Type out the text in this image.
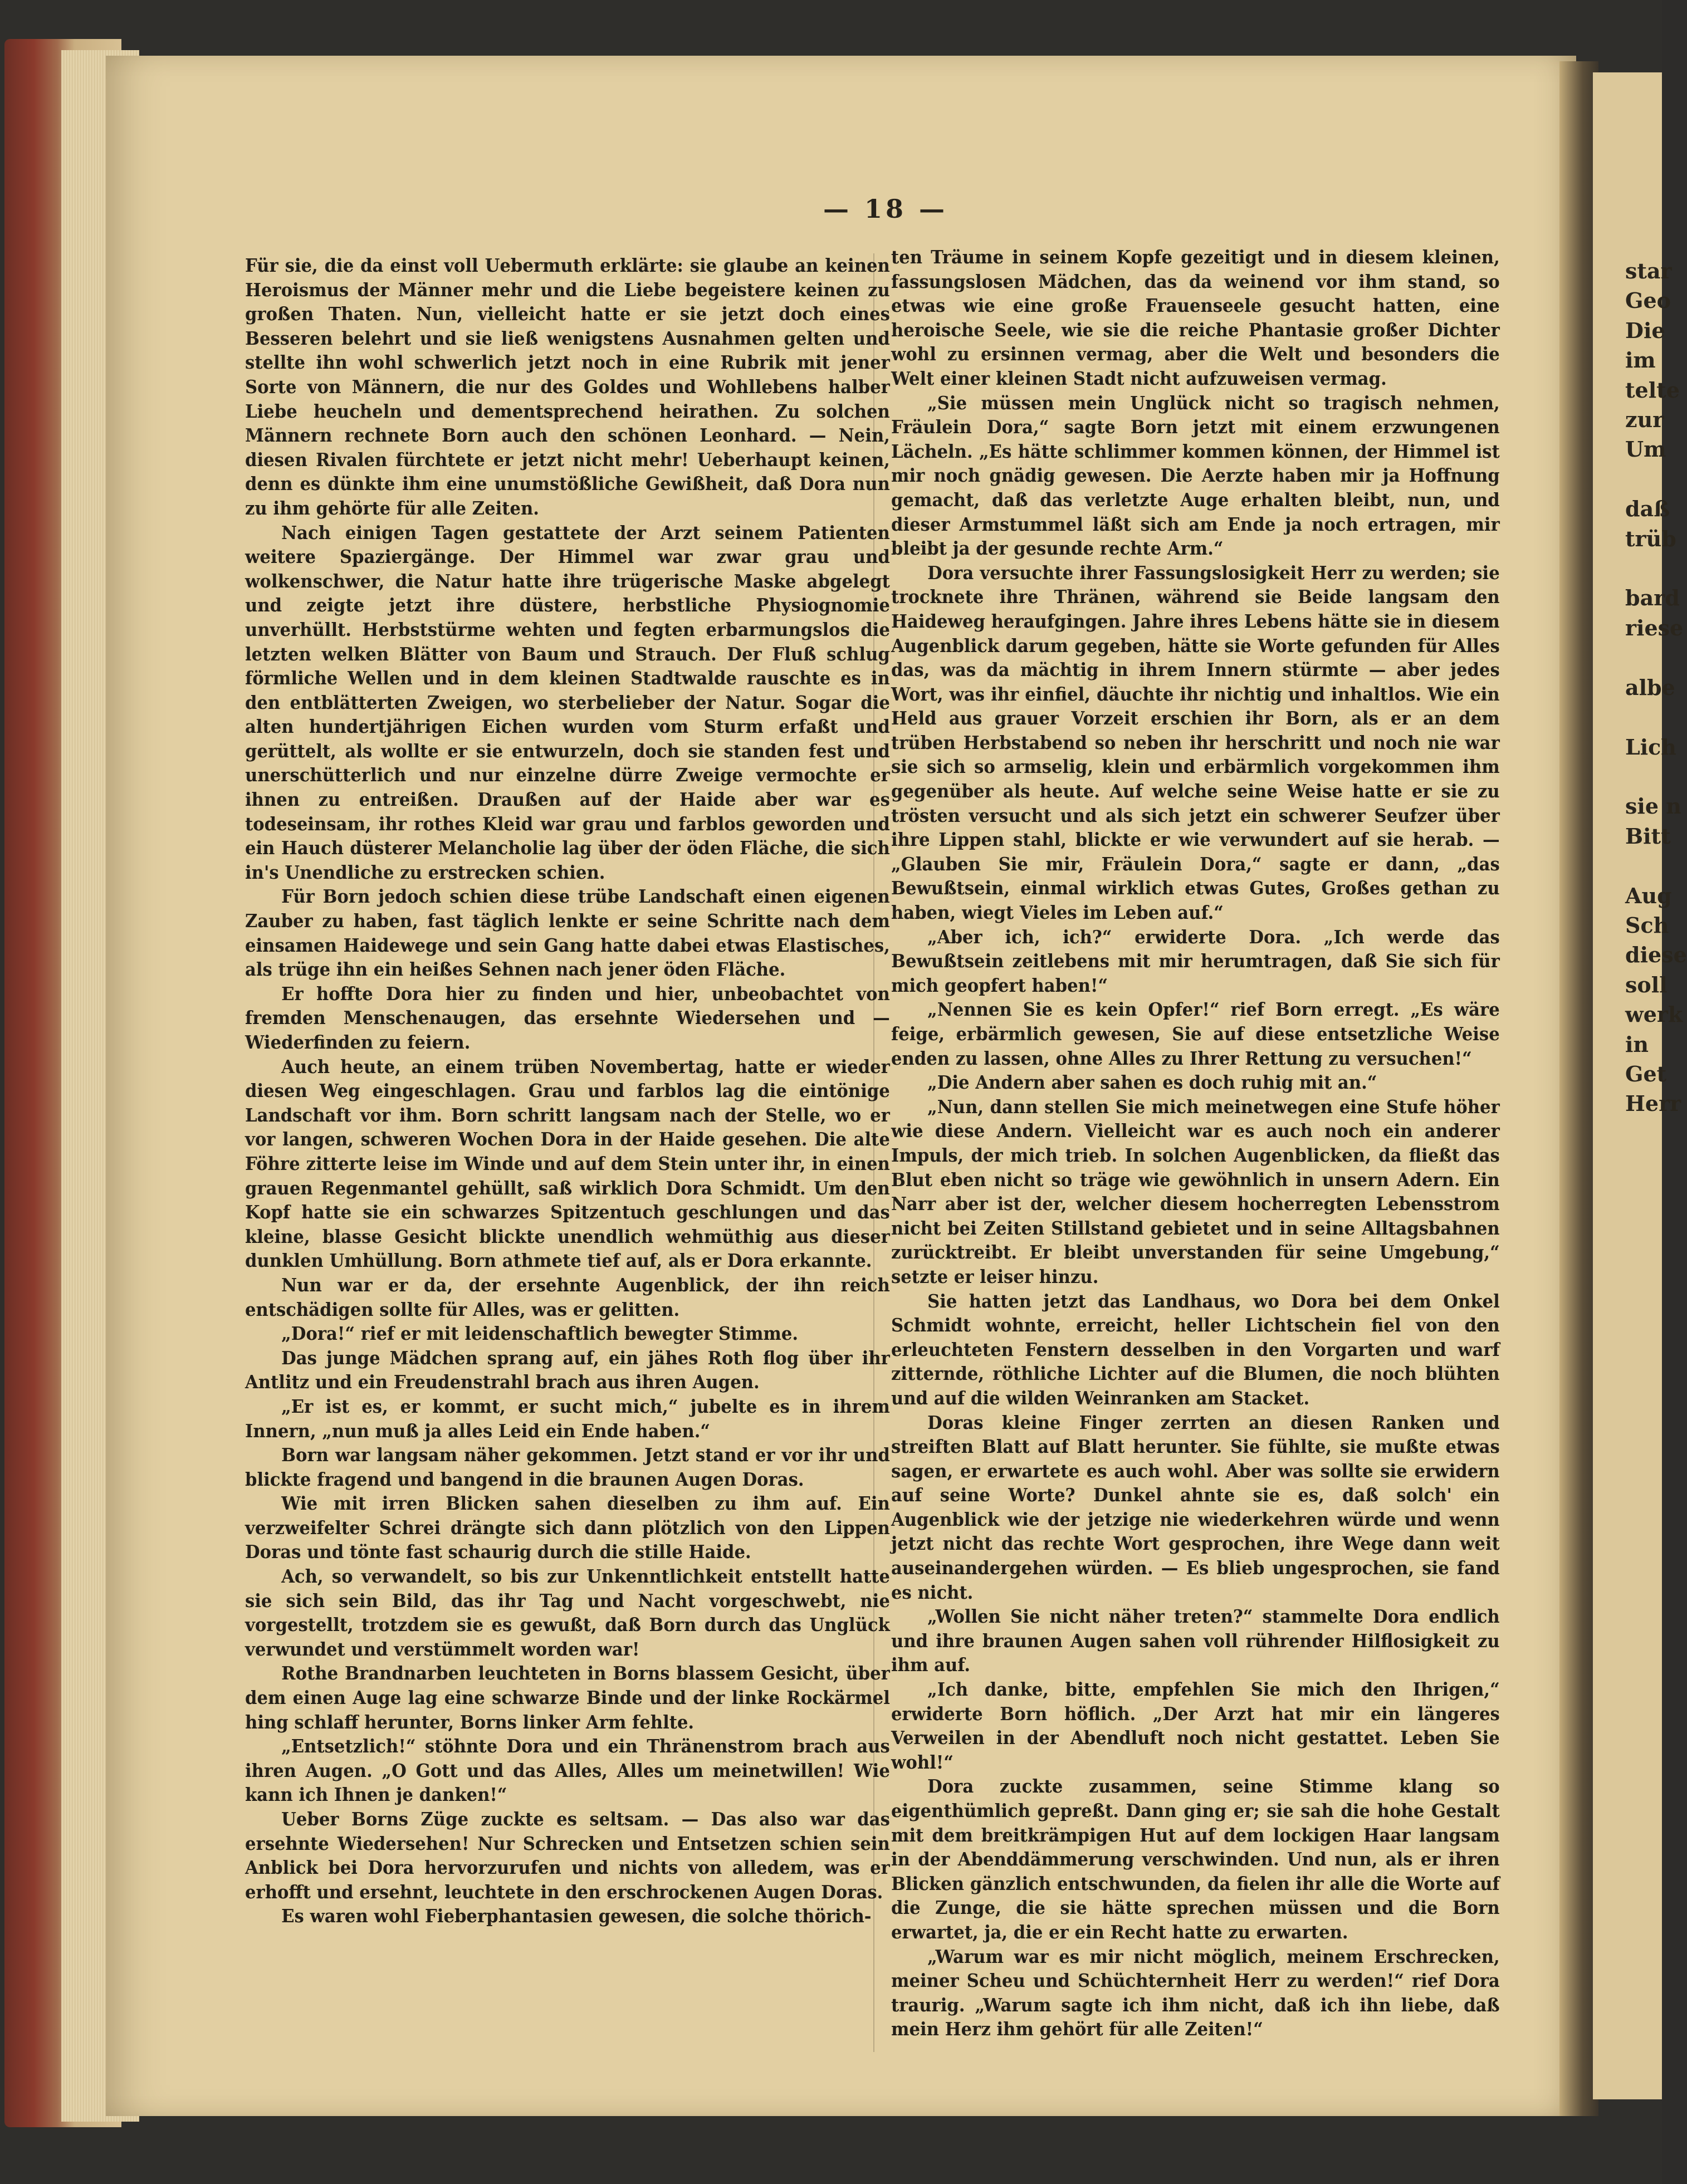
star
Geo
Die
im
telte
zur
Um

daß
trüb

bard
riese

albe

Lich

sie n
Bitt

Aug
Sch
diese
soll
werk
in
Get
Herr
— 18 —

Für sie, die da einst voll Uebermuth erklärte: sie glaube an keinen Heroismus der Männer mehr und die Liebe begeisterе keinen zu großen Thaten. Nun, vielleicht hatte er sie jetzt doch eines Besseren belehrt und sie ließ wenigstens Ausnahmen gelten und stellte ihn wohl schwerlich jetzt noch in eine Rubrik mit jener Sorte von Männern, die nur des Goldes und Wohllebens halber Liebe heucheln und dementsprechend heirathen. Zu solchen Männern rechnete Born auch den schönen Leonhard. — Nein, diesen Rivalen fürchtete er jetzt nicht mehr! Ueberhaupt keinen, denn es dünkte ihm eine unumstößliche Gewißheit, daß Dora nun zu ihm gehörte für alle Zeiten.

Nach einigen Tagen gestattete der Arzt seinem Patienten weitere Spaziergänge. Der Himmel war zwar grau und wolkenschwer, die Natur hatte ihre trügerische Maske abgelegt und zeigte jetzt ihre düstere, herbstliche Physiognomie unverhüllt. Herbststürme wehten und fegten erbarmungslos die letzten welken Blätter von Baum und Strauch. Der Fluß schlug förmliche Wellen und in dem kleinen Stadtwalde rauschte es in den entblätterten Zweigen, wo sterbelieber der Natur. Sogar die alten hundertjährigen Eichen wurden vom Sturm erfaßt und gerüttelt, als wollte er sie entwurzeln, doch sie standen fest und unerschütterlich und nur einzelne dürre Zweige vermochte er ihnen zu entreißen. Draußen auf der Haide aber war es todeseinsam, ihr rothes Kleid war grau und farblos geworden und ein Hauch düsterer Melancholie lag über der öden Fläche, die sich in's Unendliche zu erstrecken schien.

Für Born jedoch schien diese trübe Landschaft einen eigenen Zauber zu haben, fast täglich lenkte er seine Schritte nach dem einsamen Haidewege und sein Gang hatte dabei etwas Elastisches, als trüge ihn ein heißes Sehnen nach jener öden Fläche.

Er hoffte Dora hier zu finden und hier, unbeobachtet von fremden Menschenaugen, das ersehnte Wiedersehen und — Wiederfinden zu feiern.

Auch heute, an einem trüben Novembertag, hatte er wieder diesen Weg eingeschlagen. Grau und farblos lag die eintönige Landschaft vor ihm. Born schritt langsam nach der Stelle, wo er vor langen, schweren Wochen Dora in der Haide gesehen. Die alte Föhre zitterte leise im Winde und auf dem Stein unter ihr, in einen grauen Regenmantel gehüllt, saß wirklich Dora Schmidt. Um den Kopf hatte sie ein schwarzes Spitzentuch geschlungen und das kleine, blasse Gesicht blickte unendlich wehmüthig aus dieser dunklen Umhüllung. Born athmete tief auf, als er Dora erkannte.

Nun war er da, der ersehnte Augenblick, der ihn reich entschädigen sollte für Alles, was er gelitten.

„Dora!“ rief er mit leidenschaftlich bewegter Stimme.

Das junge Mädchen sprang auf, ein jähes Roth flog über ihr Antlitz und ein Freudenstrahl brach aus ihren Augen.

„Er ist es, er kommt, er sucht mich,“ jubelte es in ihrem Innern, „nun muß ja alles Leid ein Ende haben.“

Born war langsam näher gekommen. Jetzt stand er vor ihr und blickte fragend und bangend in die braunen Augen Doras.

Wie mit irren Blicken sahen dieselben zu ihm auf. Ein verzweifelter Schrei drängte sich dann plötzlich von den Lippen Doras und tönte fast schaurig durch die stille Haide.

Ach, so verwandelt, so bis zur Unkenntlichkeit entstellt hatte sie sich sein Bild, das ihr Tag und Nacht vorgeschwebt, nie vorgestellt, trotzdem sie es gewußt, daß Born durch das Unglück verwundet und verstümmelt worden war!

Rothe Brandnarben leuchteten in Borns blassem Gesicht, über dem einen Auge lag eine schwarze Binde und der linke Rockärmel hing schlaff herunter, Borns linker Arm fehlte.

„Entsetzlich!“ stöhnte Dora und ein Thränenstrom brach aus ihren Augen. „O Gott und das Alles, Alles um meinetwillen! Wie kann ich Ihnen je danken!“

Ueber Borns Züge zuckte es seltsam. — Das also war das ersehnte Wiedersehen! Nur Schrecken und Entsetzen schien sein Anblick bei Dora hervorzurufen und nichts von alledem, was er erhofft und ersehnt, leuchtete in den erschrockenen Augen Doras.

Es waren wohl Fieberphantasien gewesen, die solche thörich-

ten Träume in seinem Kopfe gezeitigt und in diesem kleinen, fassungslosen Mädchen, das da weinend vor ihm stand, so etwas wie eine große Frauenseele gesucht hatten, eine heroische Seele, wie sie die reiche Phantasie großer Dichter wohl zu ersinnen vermag, aber die Welt und besonders die Welt einer kleinen Stadt nicht aufzuweisen vermag.

„Sie müssen mein Unglück nicht so tragisch nehmen, Fräulein Dora,“ sagte Born jetzt mit einem erzwungenen Lächeln. „Es hätte schlimmer kommen können, der Himmel ist mir noch gnädig gewesen. Die Aerzte haben mir ja Hoffnung gemacht, daß das verletzte Auge erhalten bleibt, nun, und dieser Armstummel läßt sich am Ende ja noch ertragen, mir bleibt ja der gesunde rechte Arm.“

Dora versuchte ihrer Fassungslosigkeit Herr zu werden; sie trocknete ihre Thränen, während sie Beide langsam den Haideweg heraufgingen. Jahre ihres Lebens hätte sie in diesem Augenblick darum gegeben, hätte sie Worte gefunden für Alles das, was da mächtig in ihrem Innern stürmte — aber jedes Wort, was ihr einfiel, däuchte ihr nichtig und inhaltlos. Wie ein Held aus grauer Vorzeit erschien ihr Born, als er an dem trüben Herbstabend so neben ihr herschritt und noch nie war sie sich so armselig, klein und erbärmlich vorgekommen ihm gegenüber als heute. Auf welche seine Weise hatte er sie zu trösten versucht und als sich jetzt ein schwerer Seufzer über ihre Lippen stahl, blickte er wie verwundert auf sie herab. — „Glauben Sie mir, Fräulein Dora,“ sagte er dann, „das Bewußtsein, einmal wirklich etwas Gutes, Großes gethan zu haben, wiegt Vieles im Leben auf.“

„Aber ich, ich?“ erwiderte Dora. „Ich werde das Bewußtsein zeitlebens mit mir herumtragen, daß Sie sich für mich geopfert haben!“

„Nennen Sie es kein Opfer!“ rief Born erregt. „Es wäre feige, erbärmlich gewesen, Sie auf diese entsetzliche Weise enden zu lassen, ohne Alles zu Ihrer Rettung zu versuchen!“

„Die Andern aber sahen es doch ruhig mit an.“

„Nun, dann stellen Sie mich meinetwegen eine Stufe höher wie diese Andern. Vielleicht war es auch noch ein anderer Impuls, der mich trieb. In solchen Augenblicken, da fließt das Blut eben nicht so träge wie gewöhnlich in unsern Adern. Ein Narr aber ist der, welcher diesem hocherregten Lebensstrom nicht bei Zeiten Stillstand gebietet und in seine Alltagsbahnen zurücktreibt. Er bleibt unverstanden für seine Umgebung,“ setzte er leiser hinzu.

Sie hatten jetzt das Landhaus, wo Dora bei dem Onkel Schmidt wohnte, erreicht, heller Lichtschein fiel von den erleuchteten Fenstern desselben in den Vorgarten und warf zitternde, röthliche Lichter auf die Blumen, die noch blühten und auf die wilden Weinranken am Stacket.

Doras kleine Finger zerrten an diesen Ranken und streiften Blatt auf Blatt herunter. Sie fühlte, sie mußte etwas sagen, er erwartete es auch wohl. Aber was sollte sie erwidern auf seine Worte? Dunkel ahnte sie es, daß solch' ein Augenblick wie der jetzige nie wiederkehren würde und wenn jetzt nicht das rechte Wort gesprochen, ihre Wege dann weit auseinandergehen würden. — Es blieb ungesprochen, sie fand es nicht.

„Wollen Sie nicht näher treten?“ stammelte Dora endlich und ihre braunen Augen sahen voll rührender Hilflosigkeit zu ihm auf.

„Ich danke, bitte, empfehlen Sie mich den Ihrigen,“ erwiderte Born höflich. „Der Arzt hat mir ein längeres Verweilen in der Abendluft noch nicht gestattet. Leben Sie wohl!“

Dora zuckte zusammen, seine Stimme klang so eigenthümlich gepreßt. Dann ging er; sie sah die hohe Gestalt mit dem breitkrämpigen Hut auf dem lockigen Haar langsam in der Abenddämmerung verschwinden. Und nun, als er ihren Blicken gänzlich entschwunden, da fielen ihr alle die Worte auf die Zunge, die sie hätte sprechen müssen und die Born erwartet, ja, die er ein Recht hatte zu erwarten.

„Warum war es mir nicht möglich, meinem Erschrecken, meiner Scheu und Schüchternheit Herr zu werden!“ rief Dora traurig. „Warum sagte ich ihm nicht, daß ich ihn liebe, daß mein Herz ihm gehört für alle Zeiten!“
